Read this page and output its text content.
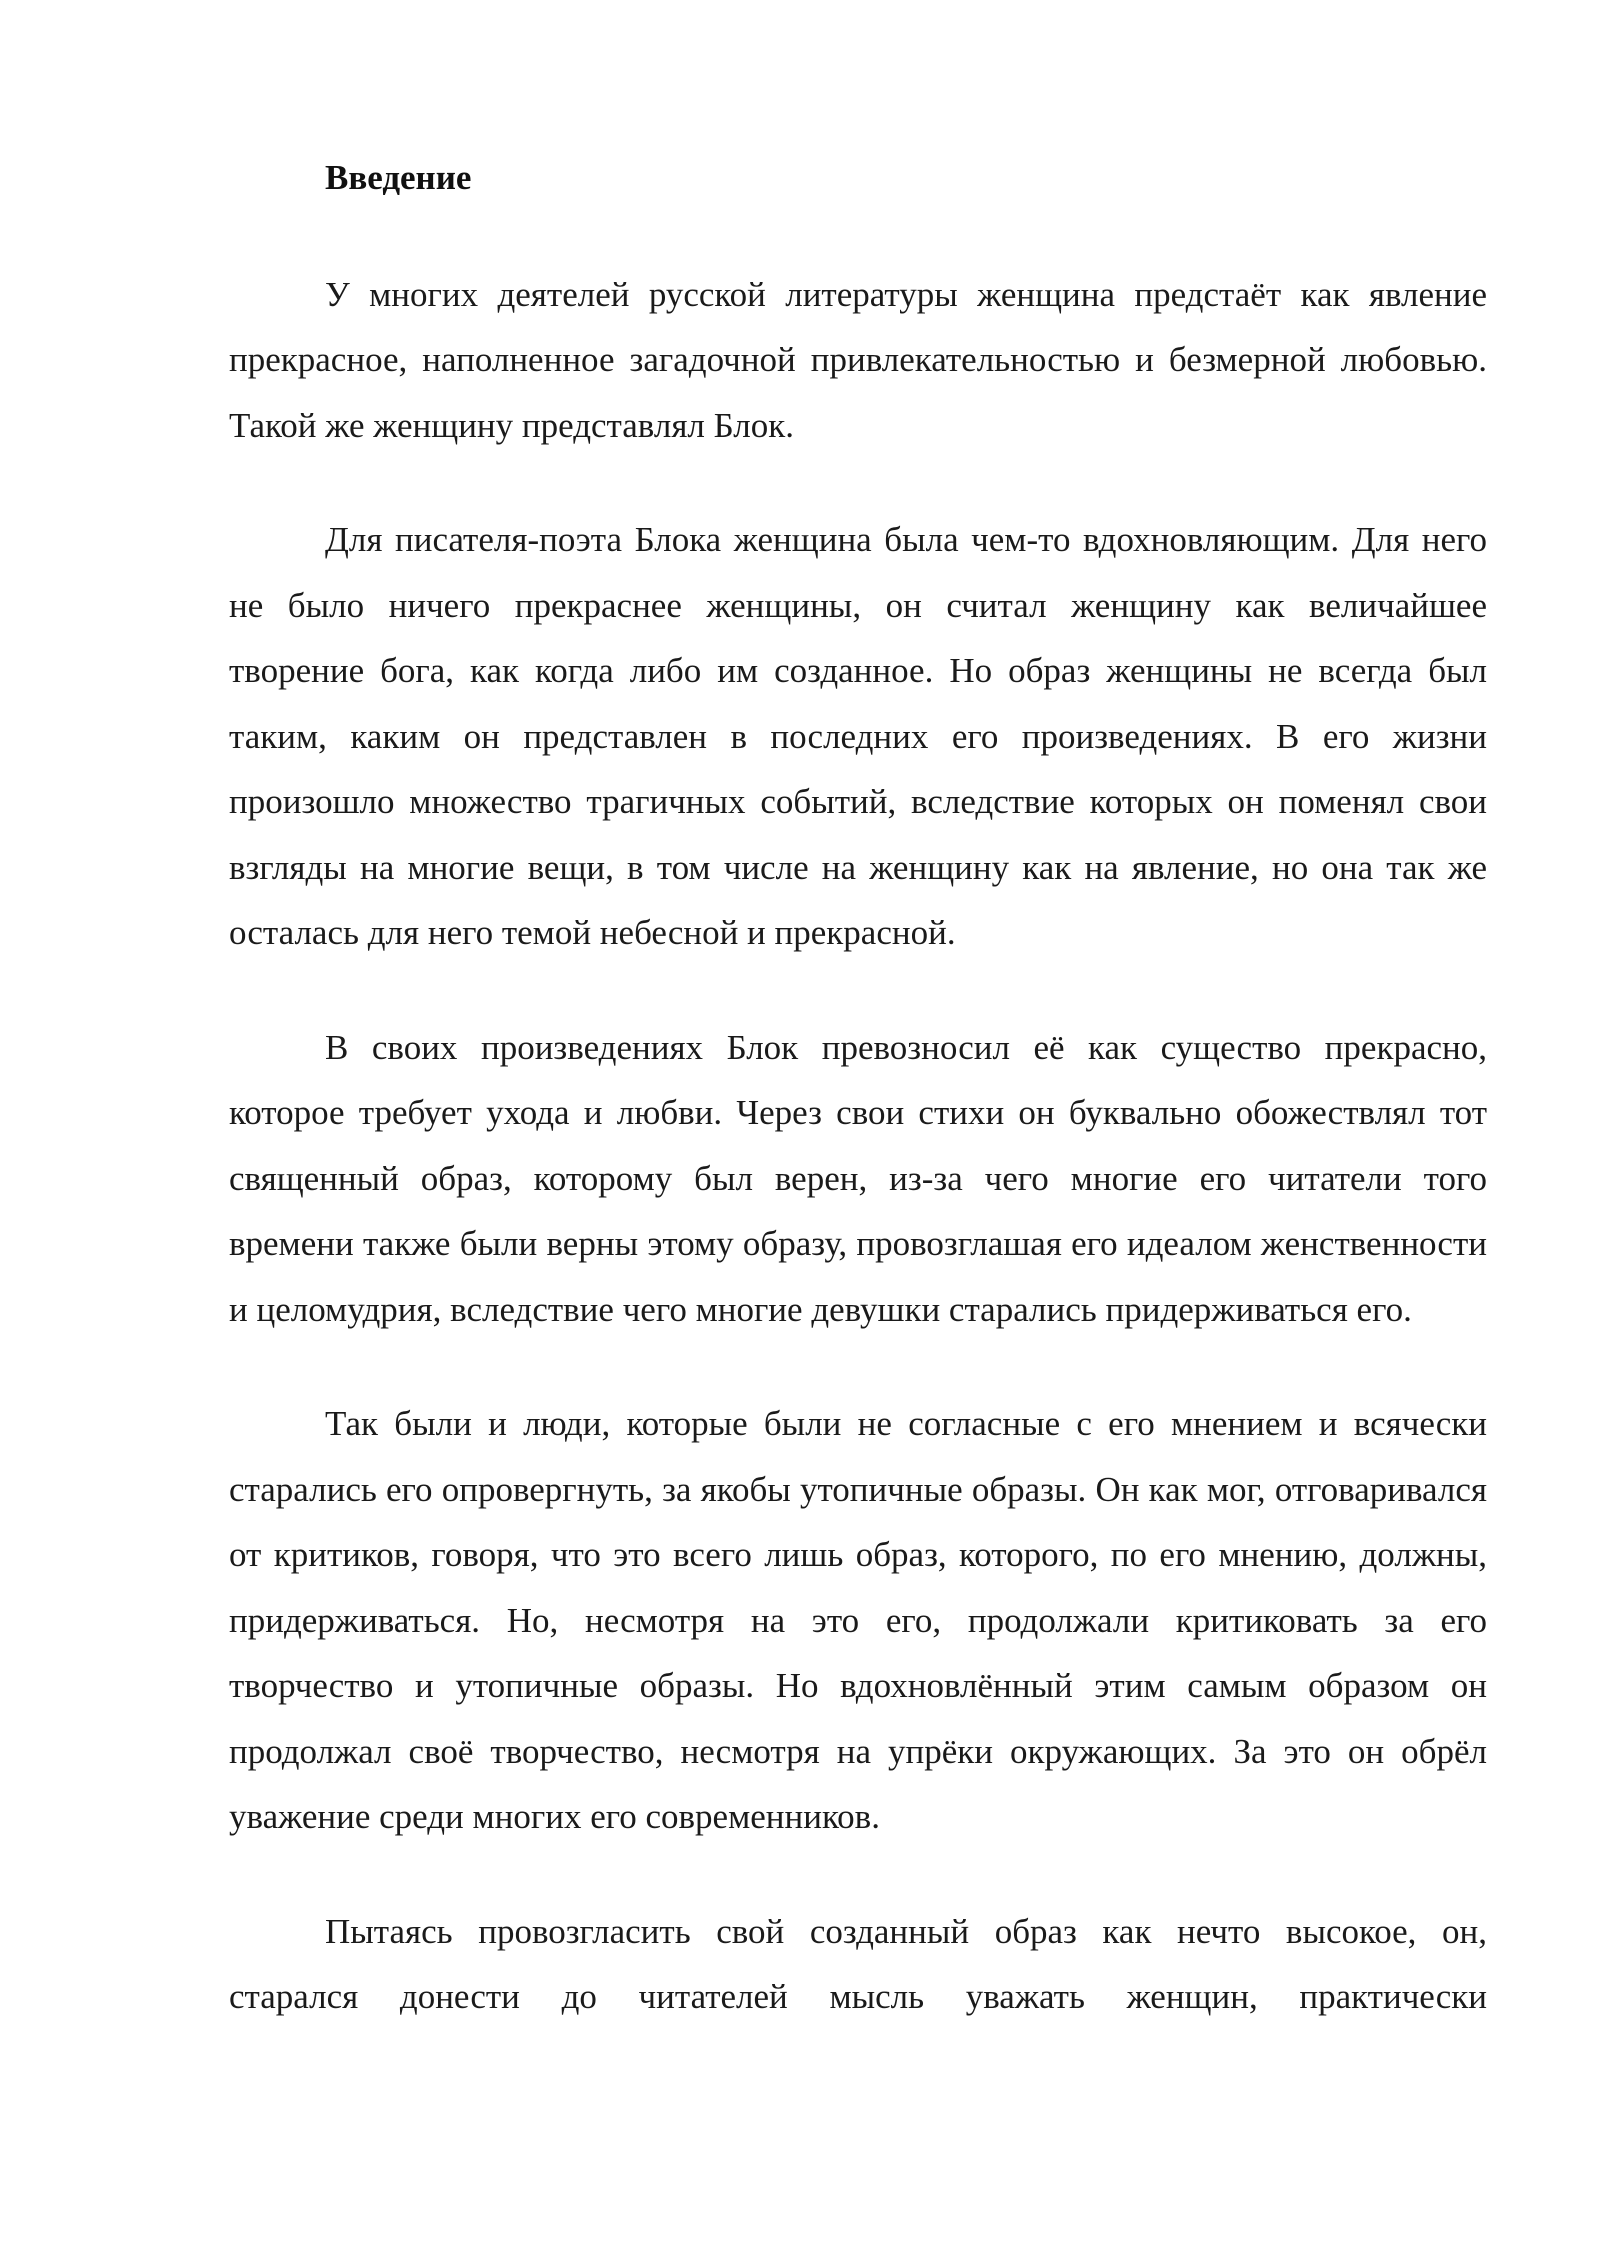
Введение

У многих деятелей русской литературы женщина предстаёт как явление прекрасное, наполненное загадочной привлекательностью и безмерной любовью. Такой же женщину представлял Блок.

Для писателя-поэта Блока женщина была чем-то вдохновляющим. Для него не было ничего прекраснее женщины, он считал женщину как величайшее творение бога, как когда либо им созданное. Но образ женщины не всегда был таким, каким он представлен в последних его произведениях. В его жизни произошло множество трагичных событий, вследствие которых он поменял свои взгляды на многие вещи, в том числе на женщину как на явление, но она так же осталась для него темой небесной и прекрасной.

В своих произведениях Блок превозносил её как существо прекрасно, которое требует ухода и любви. Через свои стихи он буквально обожествлял тот священный образ, которому был верен, из-за чего многие его читатели того времени также были верны этому образу, провозглашая его идеалом женственности и целомудрия, вследствие чего многие девушки старались придерживаться его.

Так были и люди, которые были не согласные с его мнением и всячески старались его опровергнуть, за якобы утопичные образы. Он как мог, отговаривался от критиков, говоря, что это всего лишь образ, которого, по его мнению, должны, придерживаться. Но, несмотря на это его, продолжали критиковать за его творчество и утопичные образы. Но вдохновлённый этим самым образом он продолжал своё творчество, несмотря на упрёки окружающих. За это он обрёл уважение среди многих его современников.

Пытаясь провозгласить свой созданный образ как нечто высокое, он, старался донести до читателей мысль уважать женщин, практически
